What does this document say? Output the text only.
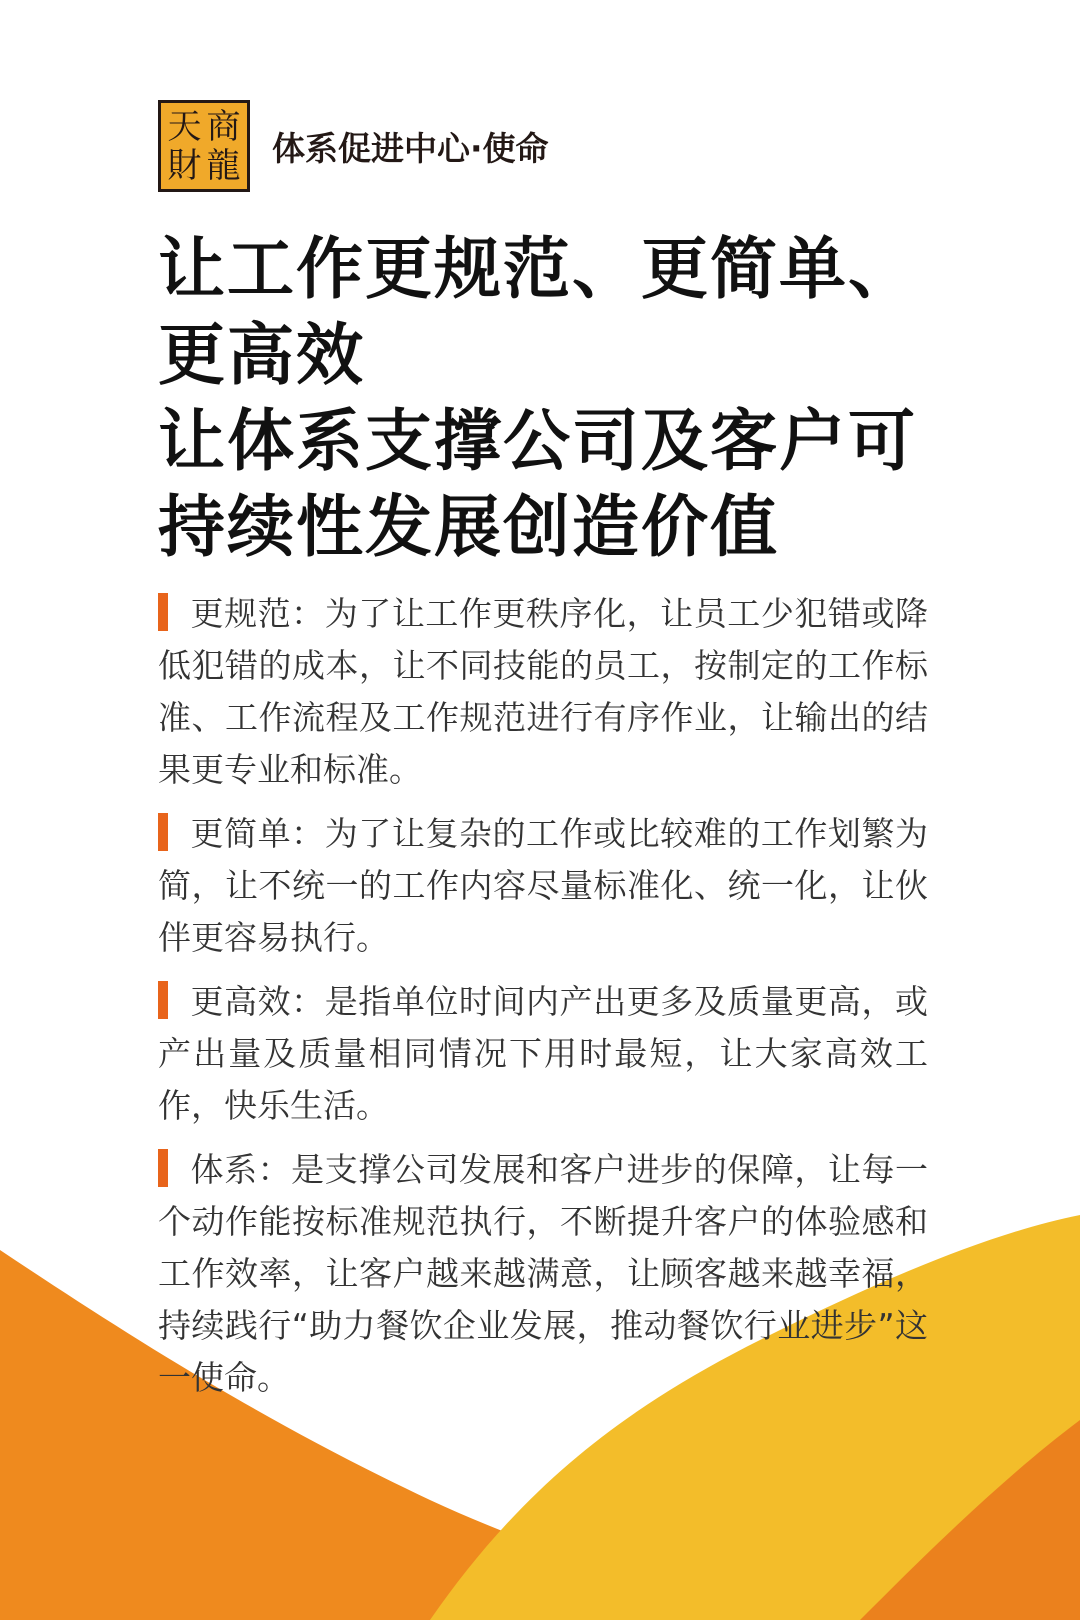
天 商
財 龍 体系促进中心·使命
让工作更规范、更简单、
更高效
让体系支撑公司及客户可
持续性发展创造价值
更规范：为了让工作更秩序化，让员工少犯错或降低犯错的成本，让不同技能的员工，按制定的工作标准、工作流程及工作规范进行有序作业，让输出的结果更专业和标准。
更简单：为了让复杂的工作或比较难的工作划繁为简，让不统一的工作内容尽量标准化、统一化，让伙伴更容易执行。
更高效：是指单位时间内产出更多及质量更高，或产出量及质量相同情况下用时最短，让大家高效工作，快乐生活。
体系：是支撑公司发展和客户进步的保障，让每一个动作能按标准规范执行，不断提升客户的体验感和工作效率，让客户越来越满意，让顾客越来越幸福，持续践行“助力餐饮企业发展，推动餐饮行业进步”这一使命。
